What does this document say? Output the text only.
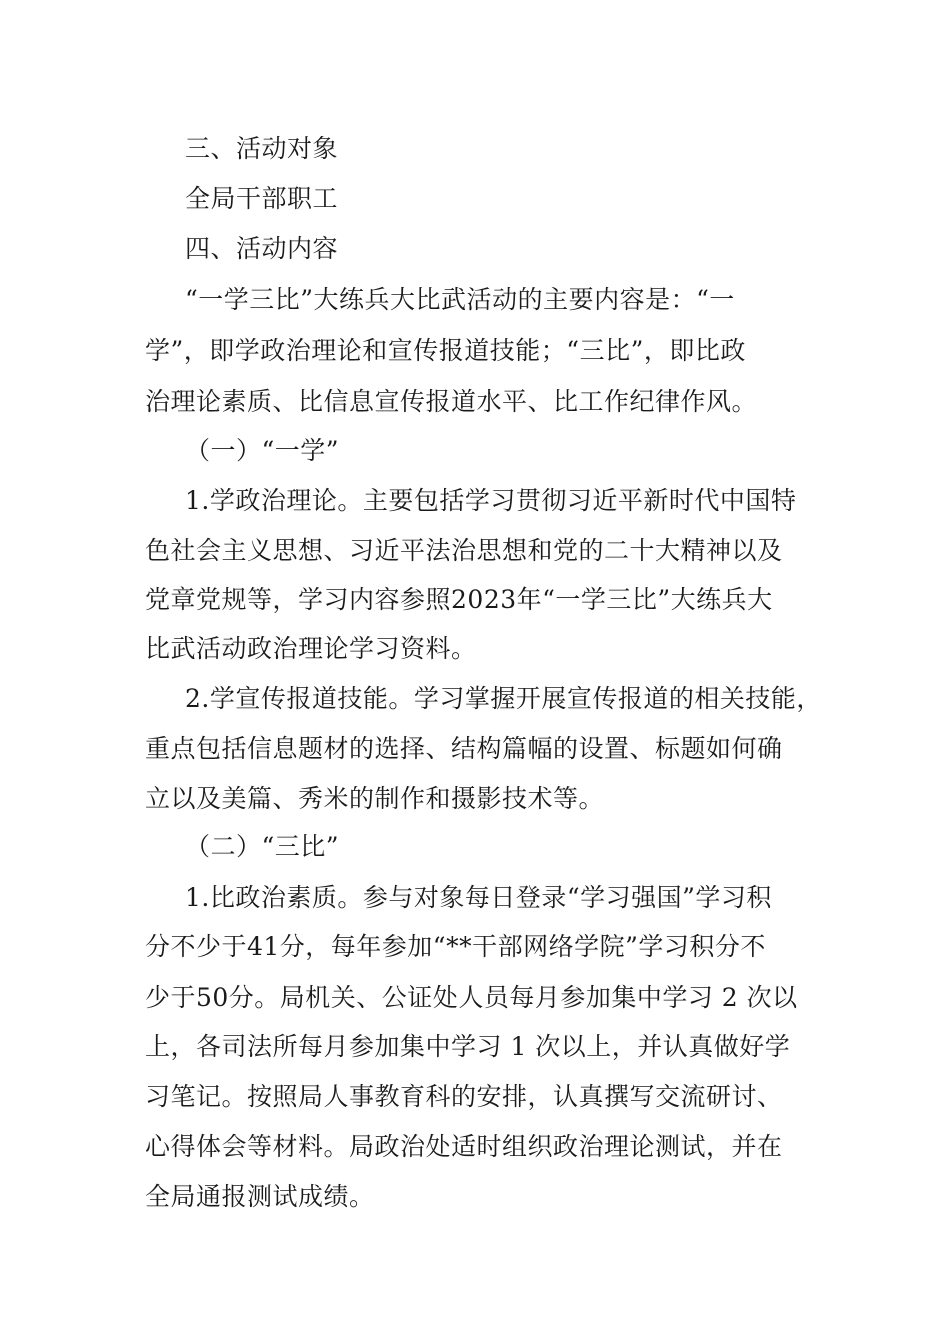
三、活动对象
全局干部职工
四、活动内容
“一学三比”大练兵大比武活动的主要内容是：“一
学”，即学政治理论和宣传报道技能；“三比”，即比政
治理论素质、比信息宣传报道水平、比工作纪律作风。
（一）“一学”
1.学政治理论。主要包括学习贯彻习近平新时代中国特
色社会主义思想、习近平法治思想和党的二十大精神以及
党章党规等，学习内容参照2023年“一学三比”大练兵大
比武活动政治理论学习资料。
2.学宣传报道技能。学习掌握开展宣传报道的相关技能，
重点包括信息题材的选择、结构篇幅的设置、标题如何确
立以及美篇、秀米的制作和摄影技术等。
（二）“三比”
1.比政治素质。参与对象每日登录“学习强国”学习积
分不少于41分，每年参加“**干部网络学院”学习积分不
少于50分。局机关、公证处人员每月参加集中学习 2 次以
上，各司法所每月参加集中学习 1 次以上，并认真做好学
习笔记。按照局人事教育科的安排，认真撰写交流研讨、
心得体会等材料。局政治处适时组织政治理论测试，并在
全局通报测试成绩。
